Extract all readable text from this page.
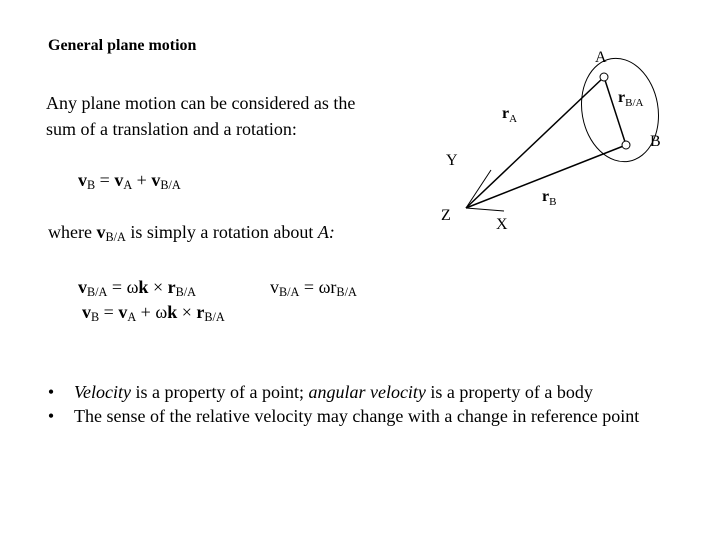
General plane motion
Any plane motion can be considered as the sum of a translation and a rotation:
$v_B = v_A + v_{B/A}$
where $v_{B/A}$ is simply a rotation about A:
$v_{B/A} = \omega k \times r_{B/A}$
$v_B = v_A + \omega k \times r_{B/A}$
$v_{B/A} = \omega r_{B/A}$
A
B
Y
Z
X
$r_A$
$r_B$
$r_{B/A}$
•	Velocity is a property of a point; angular velocity is a property of a body
•	The sense of the relative velocity may change with a change in reference point
